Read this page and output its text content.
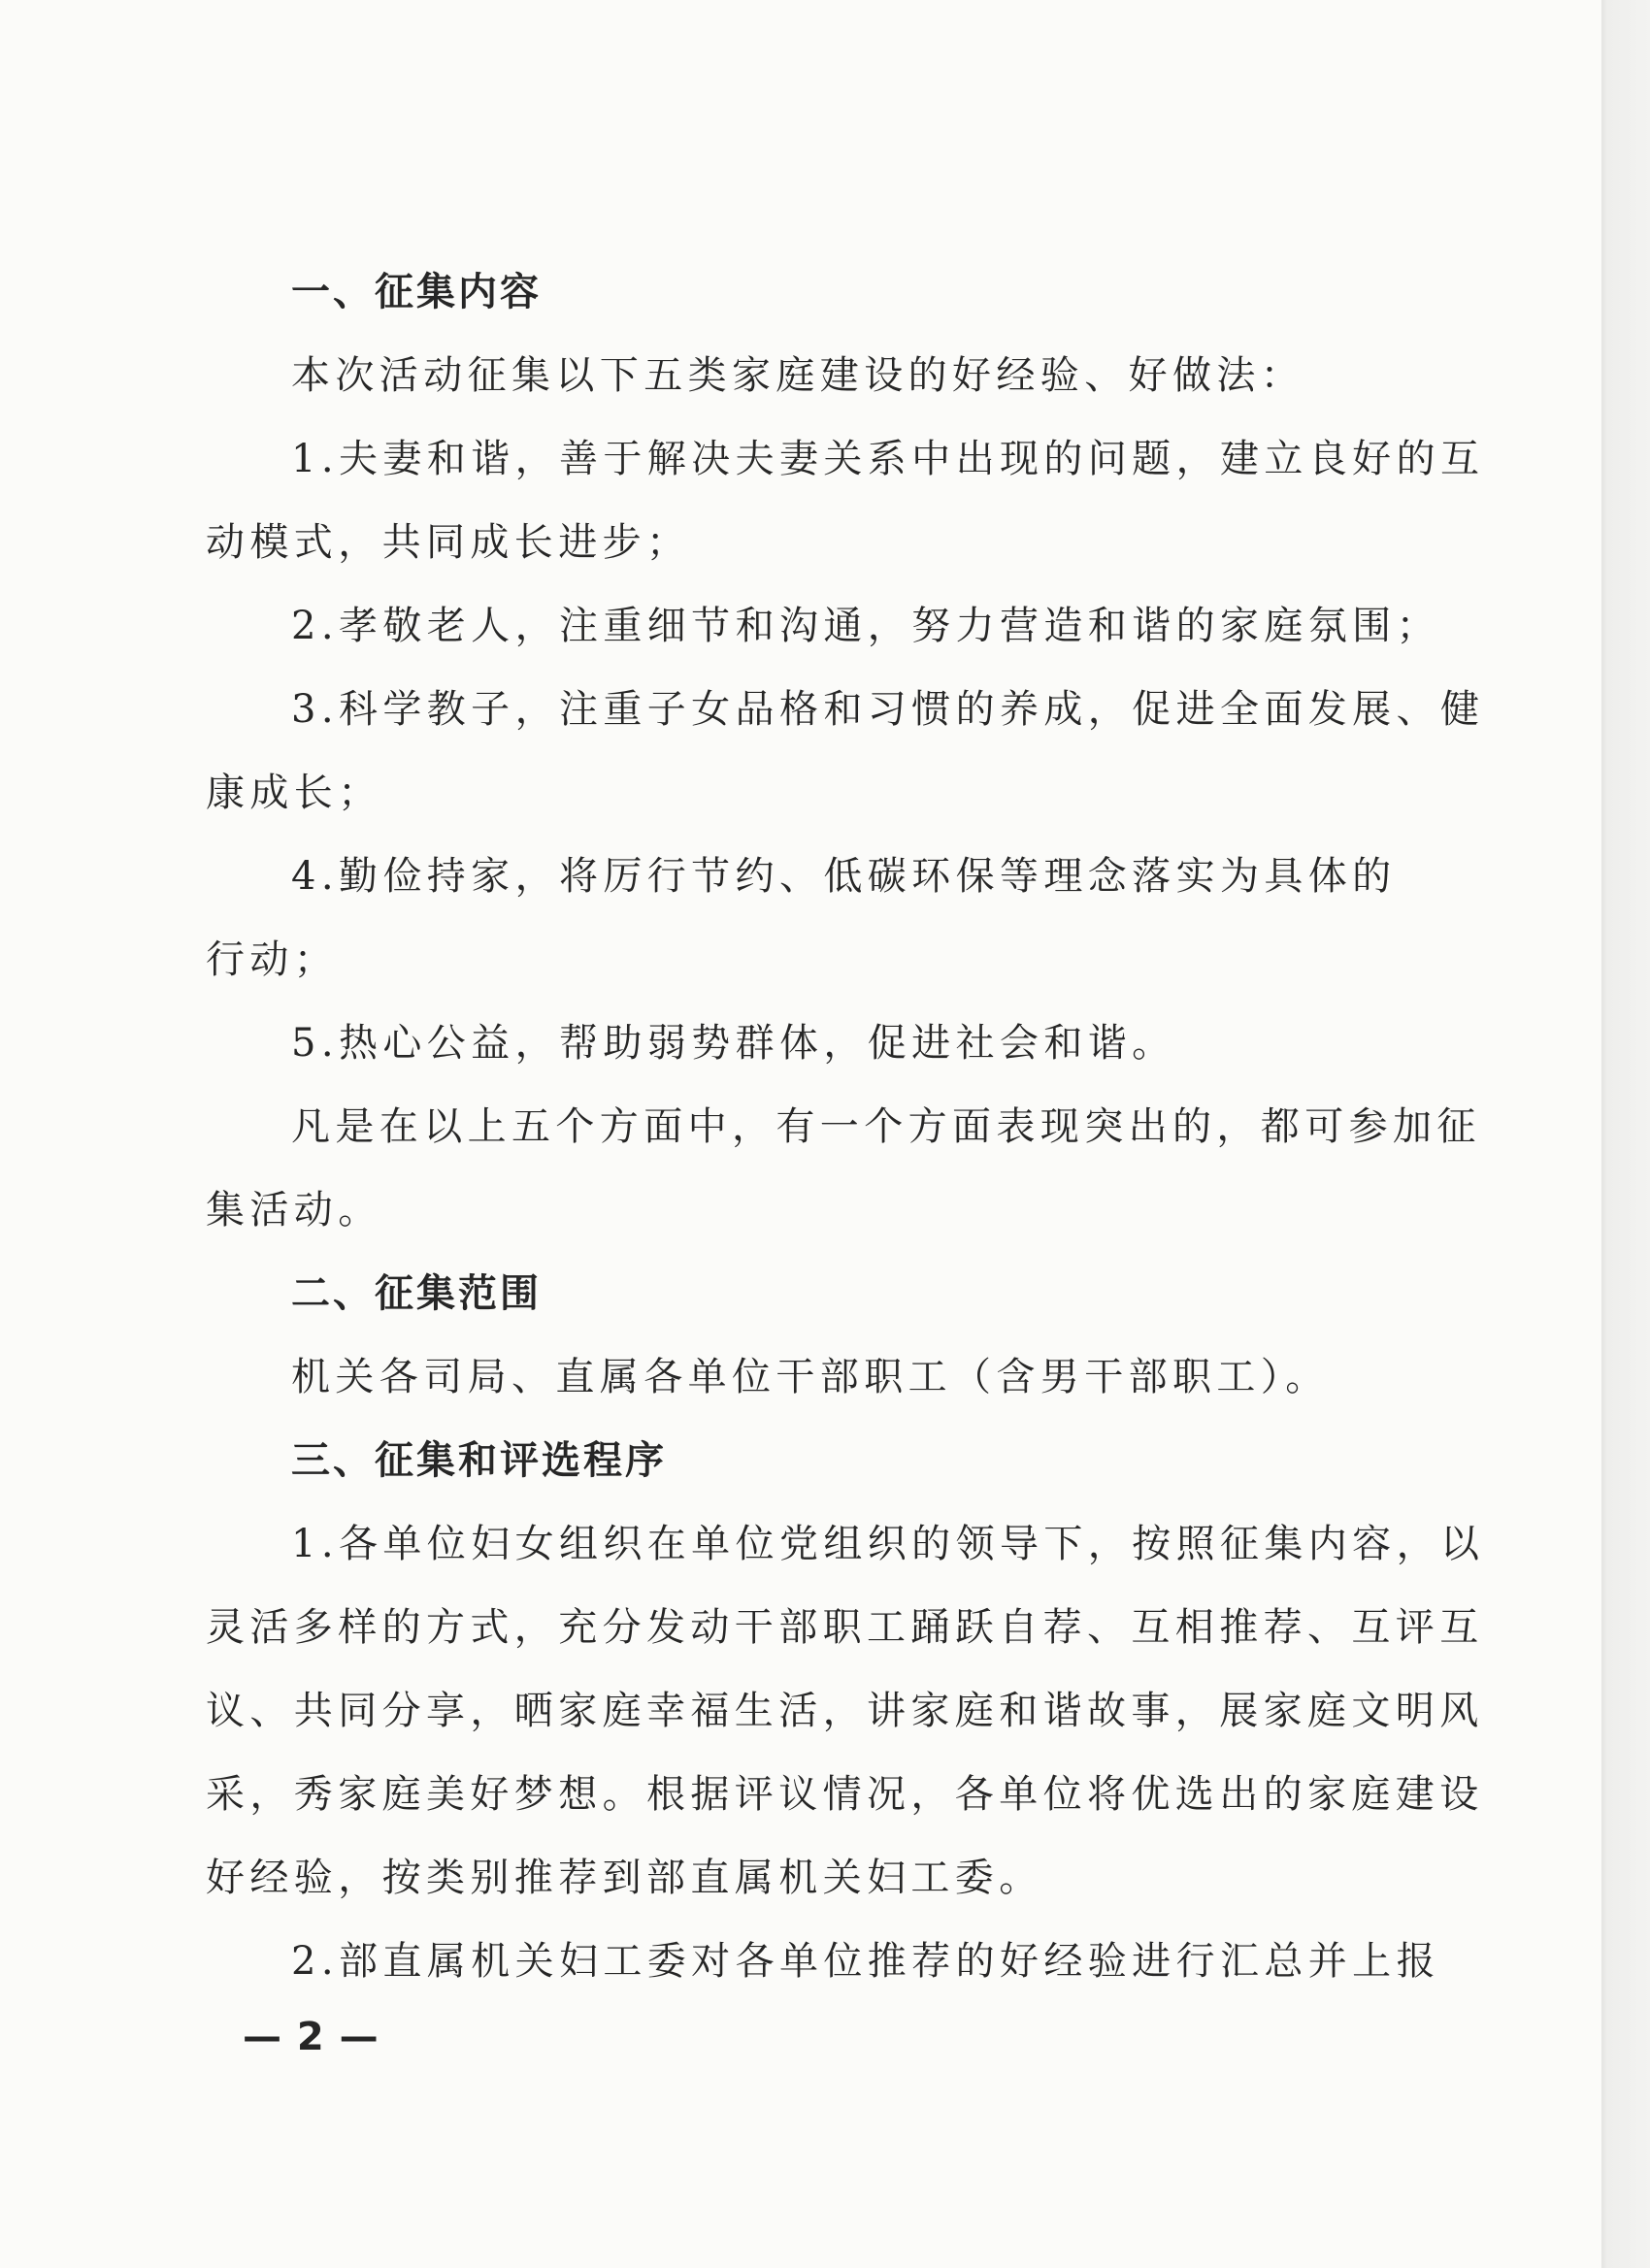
一、征集内容

本次活动征集以下五类家庭建设的好经验、好做法：

1.夫妻和谐，善于解决夫妻关系中出现的问题，建立良好的互

动模式，共同成长进步；

2.孝敬老人，注重细节和沟通，努力营造和谐的家庭氛围；

3.科学教子，注重子女品格和习惯的养成，促进全面发展、健

康成长；

4.勤俭持家，将厉行节约、低碳环保等理念落实为具体的

行动；

5.热心公益，帮助弱势群体，促进社会和谐。

凡是在以上五个方面中，有一个方面表现突出的，都可参加征

集活动。

二、征集范围

机关各司局、直属各单位干部职工（含男干部职工）。

三、征集和评选程序

1.各单位妇女组织在单位党组织的领导下，按照征集内容，以

灵活多样的方式，充分发动干部职工踊跃自荐、互相推荐、互评互

议、共同分享，晒家庭幸福生活，讲家庭和谐故事，展家庭文明风

采，秀家庭美好梦想。根据评议情况，各单位将优选出的家庭建设

好经验，按类别推荐到部直属机关妇工委。

2.部直属机关妇工委对各单位推荐的好经验进行汇总并上报

— 2 —
